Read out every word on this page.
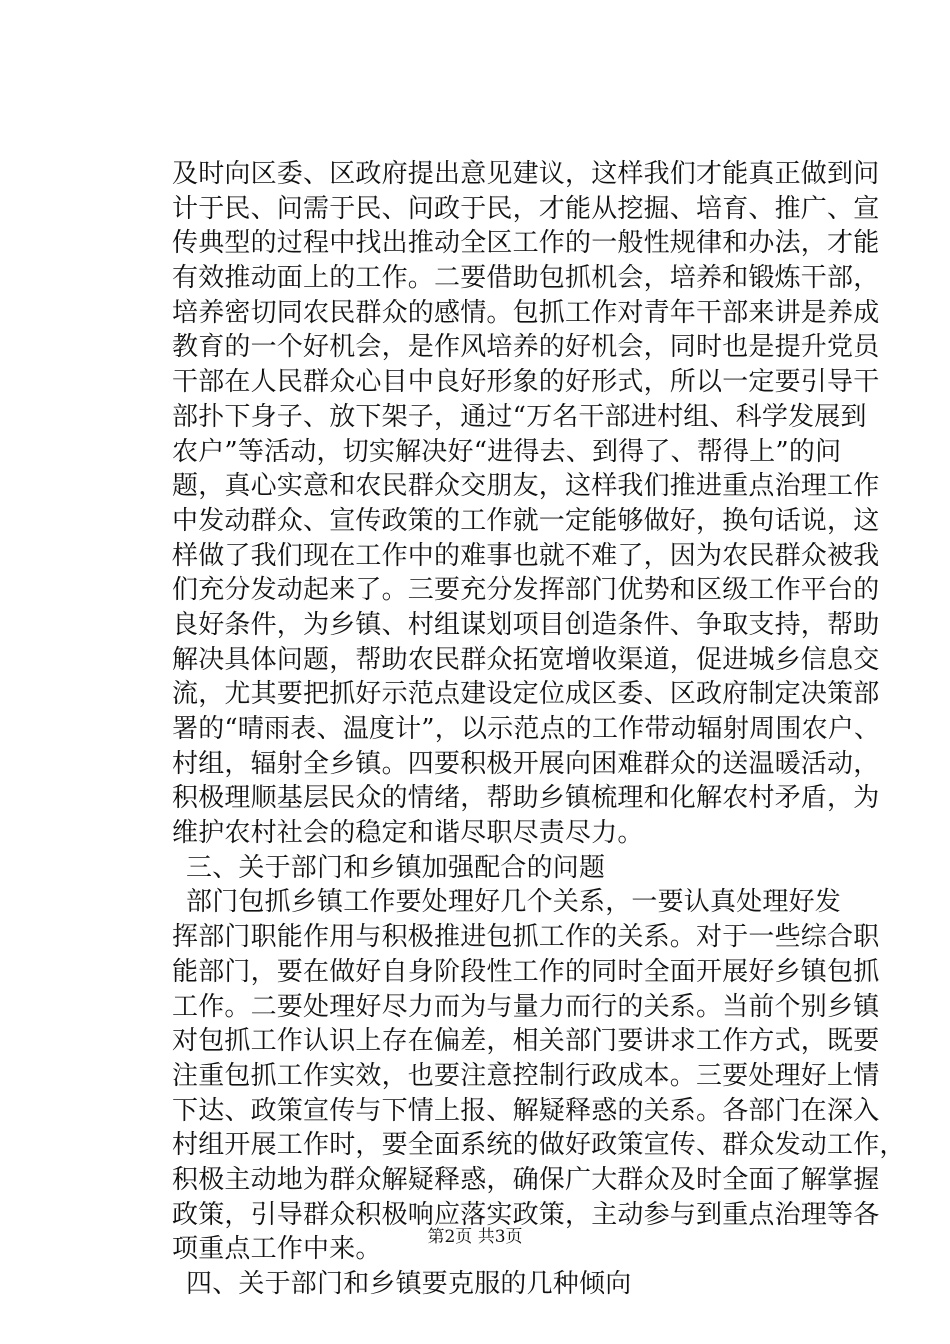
及时向区委、区政府提出意见建议，这样我们才能真正做到问
计于民、问需于民、问政于民，才能从挖掘、培育、推广、宣
传典型的过程中找出推动全区工作的一般性规律和办法，才能
有效推动面上的工作。二要借助包抓机会，培养和锻炼干部，
培养密切同农民群众的感情。包抓工作对青年干部来讲是养成
教育的一个好机会，是作风培养的好机会，同时也是提升党员
干部在人民群众心目中良好形象的好形式，所以一定要引导干
部扑下身子、放下架子，通过“万名干部进村组、科学发展到
农户”等活动，切实解决好“进得去、到得了、帮得上”的问
题，真心实意和农民群众交朋友，这样我们推进重点治理工作
中发动群众、宣传政策的工作就一定能够做好，换句话说，这
样做了我们现在工作中的难事也就不难了，因为农民群众被我
们充分发动起来了。三要充分发挥部门优势和区级工作平台的
良好条件，为乡镇、村组谋划项目创造条件、争取支持，帮助
解决具体问题，帮助农民群众拓宽增收渠道，促进城乡信息交
流，尤其要把抓好示范点建设定位成区委、区政府制定决策部
署的“晴雨表、温度计”，以示范点的工作带动辐射周围农户、
村组，辐射全乡镇。四要积极开展向困难群众的送温暖活动，
积极理顺基层民众的情绪，帮助乡镇梳理和化解农村矛盾，为
维护农村社会的稳定和谐尽职尽责尽力。
三、关于部门和乡镇加强配合的问题
部门包抓乡镇工作要处理好几个关系，一要认真处理好发
挥部门职能作用与积极推进包抓工作的关系。对于一些综合职
能部门，要在做好自身阶段性工作的同时全面开展好乡镇包抓
工作。二要处理好尽力而为与量力而行的关系。当前个别乡镇
对包抓工作认识上存在偏差，相关部门要讲求工作方式，既要
注重包抓工作实效，也要注意控制行政成本。三要处理好上情
下达、政策宣传与下情上报、解疑释惑的关系。各部门在深入
村组开展工作时，要全面系统的做好政策宣传、群众发动工作，
积极主动地为群众解疑释惑，确保广大群众及时全面了解掌握
政策，引导群众积极响应落实政策，主动参与到重点治理等各
项重点工作中来。
四、关于部门和乡镇要克服的几种倾向
第2页 共3页
